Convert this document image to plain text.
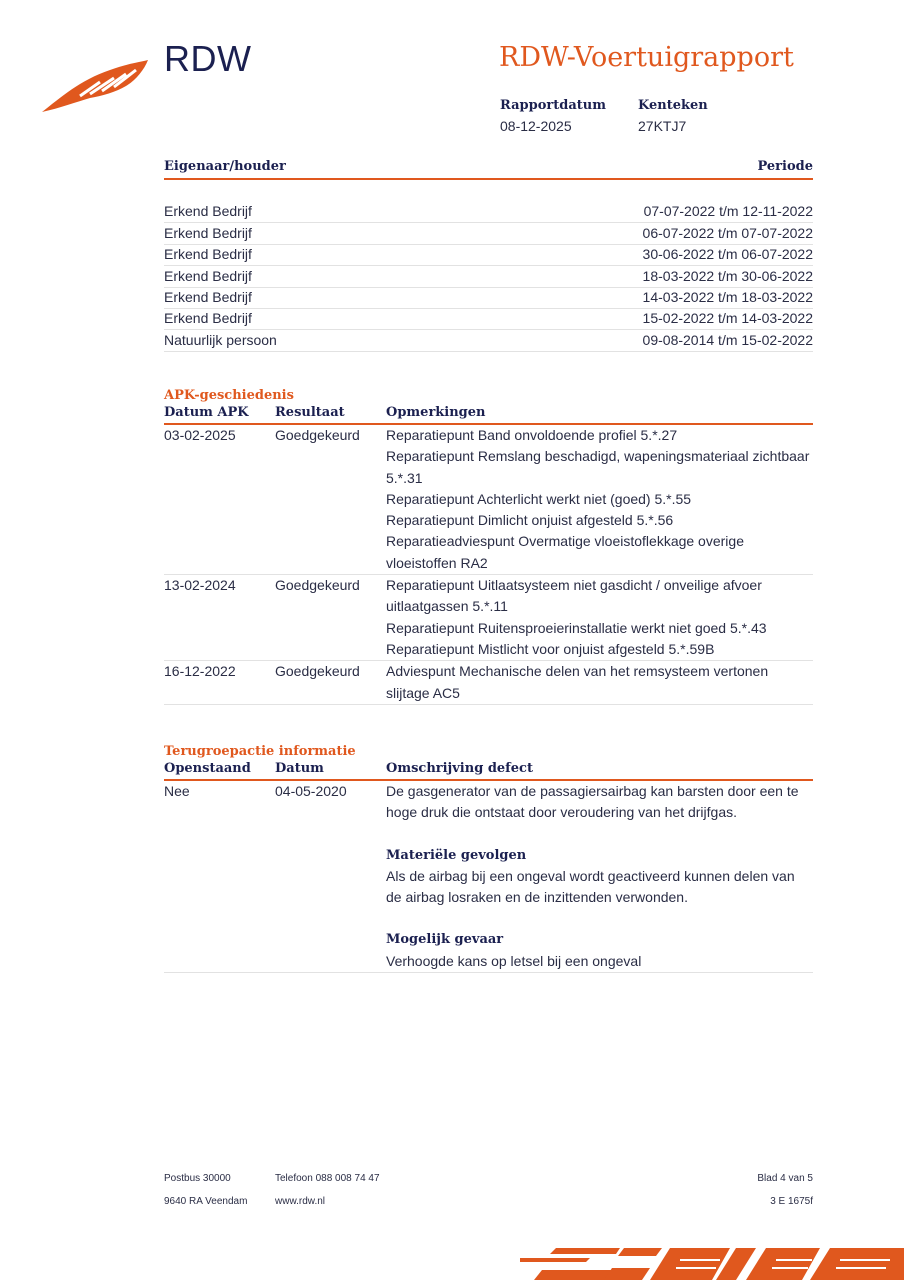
RDW	RDW-Voertuigrapport
Rapportdatum
08-12-2025
Kenteken
27KTJ7
Eigenaar/houder	Periode
Erkend Bedrijf	07-07-2022 t/m 12-11-2022
Erkend Bedrijf	06-07-2022 t/m 07-07-2022
Erkend Bedrijf	30-06-2022 t/m 06-07-2022
Erkend Bedrijf	18-03-2022 t/m 30-06-2022
Erkend Bedrijf	14-03-2022 t/m 18-03-2022
Erkend Bedrijf	15-02-2022 t/m 14-03-2022
Natuurlijk persoon	09-08-2014 t/m 15-02-2022
APK-geschiedenis
Datum APK Resultaat	Opmerkingen
03-02-2025	Goedgekeurd Reparatiepunt Band onvoldoende profiel 5.*.27
Reparatiepunt Remslang beschadigd, wapeningsmateriaal zichtbaar 5.*.31
Reparatiepunt Achterlicht werkt niet (goed) 5.*.55
Reparatiepunt Dimlicht onjuist afgesteld 5.*.56
Reparatieadviespunt Overmatige vloeistoflekkage overige vloeistoffen RA2
13-02-2024	Goedgekeurd Reparatiepunt Uitlaatsysteem niet gasdicht / onveilige afvoer uitlaatgassen 5.*.11
Reparatiepunt Ruitensproeierinstallatie werkt niet goed 5.*.43
Reparatiepunt Mistlicht voor onjuist afgesteld 5.*.59B
16-12-2022	Goedgekeurd Adviespunt Mechanische delen van het remsysteem vertonen slijtage AC5
Terugroepactie informatie
Openstaand Datum	Omschrijving defect
Nee	04-05-2020	De gasgenerator van de passagiersairbag kan barsten door een te hoge druk die ontstaat door veroudering van het drijfgas.
Materiële gevolgen
Als de airbag bij een ongeval wordt geactiveerd kunnen delen van de airbag losraken en de inzittenden verwonden.
Mogelijk gevaar
Verhoogde kans op letsel bij een ongeval
Postbus 30000
9640 RA Veendam
Telefoon 088 008 74 47
www.rdw.nl
Blad 4 van 5
3 E 1675f
